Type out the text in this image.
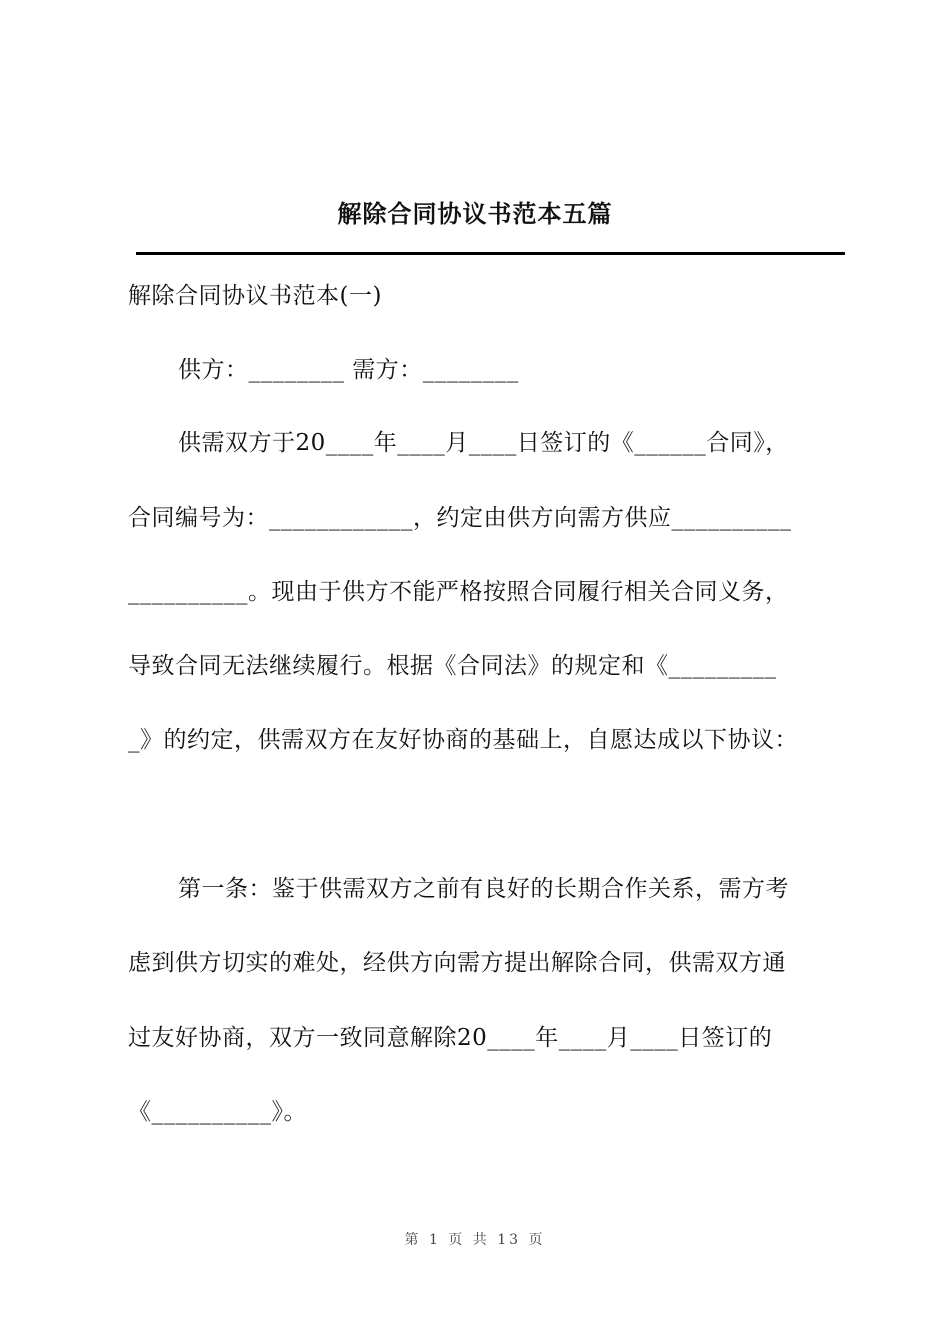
解除合同协议书范本五篇
解除合同协议书范本(一)
供方：________ 需方：________
供需双方于20____年____月____日签订的《______合同》，
合同编号为：____________，约定由供方向需方供应__________
__________。现由于供方不能严格按照合同履行相关合同义务，
导致合同无法继续履行。根据《合同法》的规定和《_________
_》的约定，供需双方在友好协商的基础上，自愿达成以下协议：
第一条：鉴于供需双方之前有良好的长期合作关系，需方考
虑到供方切实的难处，经供方向需方提出解除合同，供需双方通
过友好协商，双方一致同意解除20____年____月____日签订的
《__________》。
第 1 页 共 13 页
